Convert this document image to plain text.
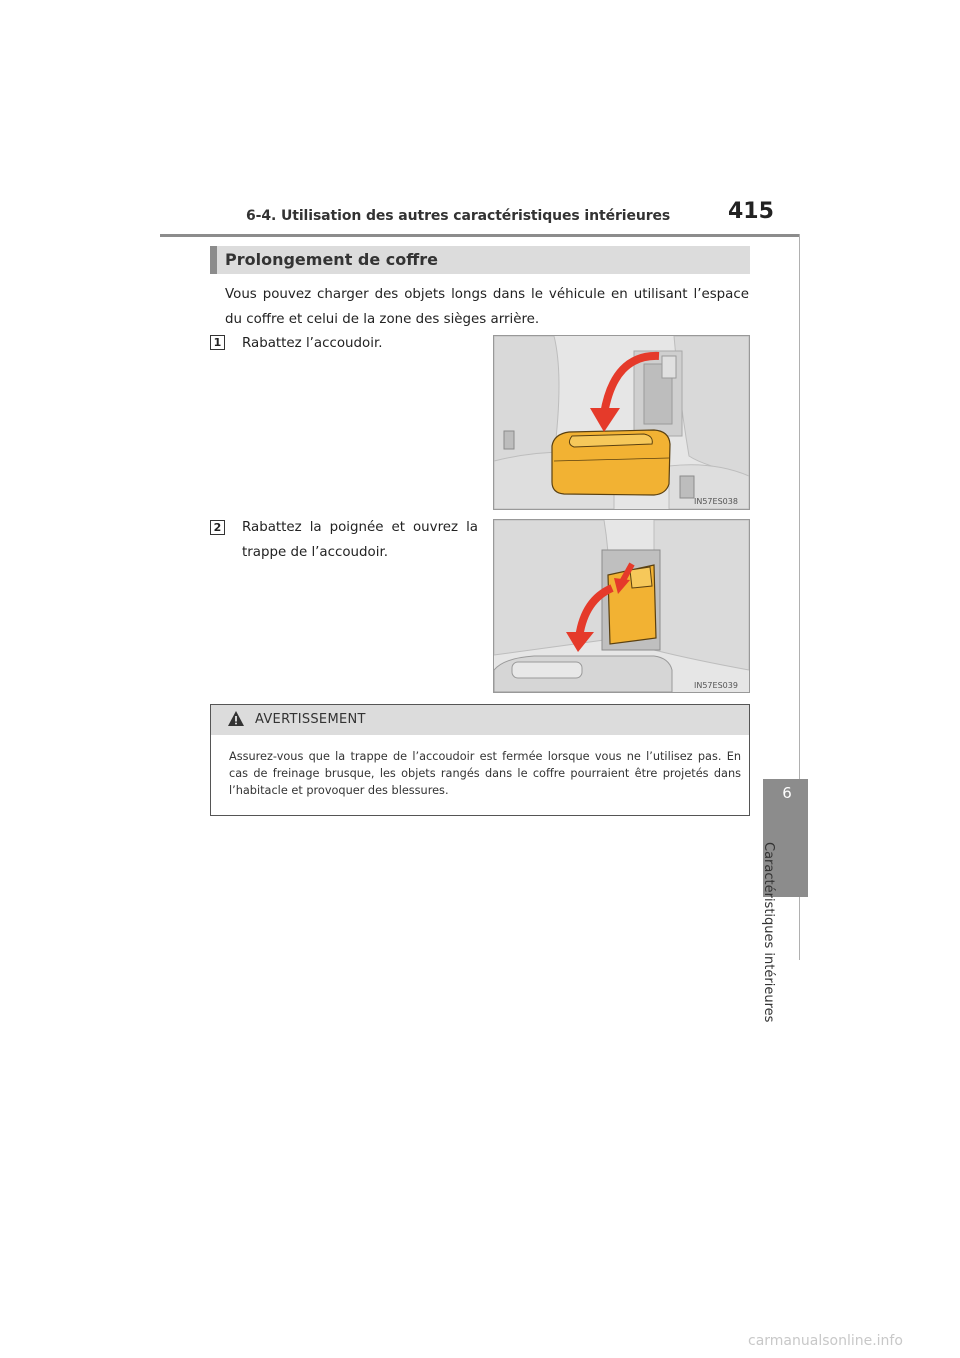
6-4. Utilisation des autres caractéristiques intérieures	415
6
Caractéristiques intérieures
Prolongement de coffre
Vous pouvez charger des objets longs dans le véhicule en utilisant l’espace du coffre et celui de la zone des sièges arrière.
1 Rabattez l’accoudoir.
IN57ES038
2 Rabattez la poignée et ouvrez la trappe de l’accoudoir.
IN57ES039
AVERTISSEMENT
Assurez-vous que la trappe de l’accoudoir est fermée lorsque vous ne l’utilisez pas. En cas de freinage brusque, les objets rangés dans le coffre pourraient être projetés dans l’habitacle et provoquer des blessures.
carmanualsonline.info
